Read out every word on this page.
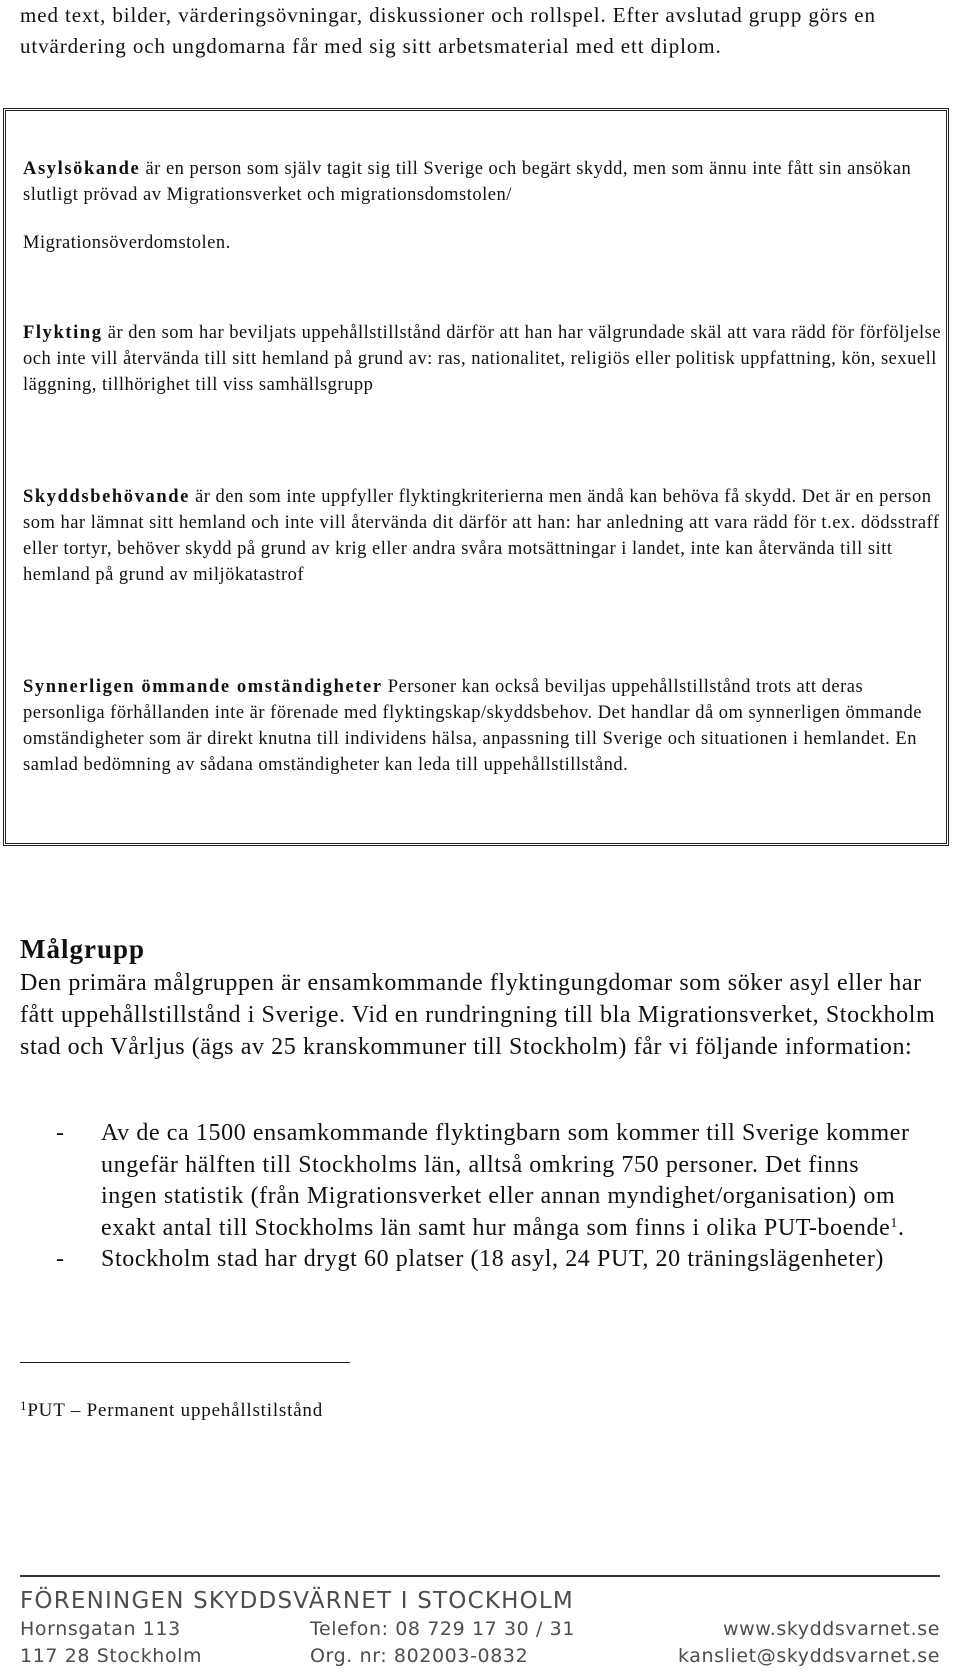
med text, bilder, värderingsövningar, diskussioner och rollspel. Efter avslutad grupp görs en utvärdering och ungdomarna får med sig sitt arbetsmaterial med ett diplom.
Asylsökande är en person som själv tagit sig till Sverige och begärt skydd, men som ännu inte fått sin ansökan slutligt prövad av Migrationsverket och migrationsdomstolen/
Migrationsöverdomstolen.
Flykting är den som har beviljats uppehållstillstånd därför att han har välgrundade skäl att vara rädd för förföljelse och inte vill återvända till sitt hemland på grund av: ras, nationalitet, religiös eller politisk uppfattning, kön, sexuell läggning, tillhörighet till viss samhällsgrupp
Skyddsbehövande är den som inte uppfyller flyktingkriterierna men ändå kan behöva få skydd. Det är en person som har lämnat sitt hemland och inte vill återvända dit därför att han: har anledning att vara rädd för t.ex. dödsstraff eller tortyr, behöver skydd på grund av krig eller andra svåra motsättningar i landet, inte kan återvända till sitt hemland på grund av miljökatastrof
Synnerligen ömmande omständigheter Personer kan också beviljas uppehållstillstånd trots att deras personliga förhållanden inte är förenade med flyktingskap/skyddsbehov. Det handlar då om synnerligen ömmande omständigheter som är direkt knutna till individens hälsa, anpassning till Sverige och situationen i hemlandet. En samlad bedömning av sådana omständigheter kan leda till uppehållstillstånd.
Målgrupp
Den primära målgruppen är ensamkommande flyktingungdomar som söker asyl eller har fått uppehållstillstånd i Sverige. Vid en rundringning till bla Migrationsverket, Stockholm stad och Vårljus (ägs av 25 kranskommuner till Stockholm) får vi följande information:
- Av de ca 1500 ensamkommande flyktingbarn som kommer till Sverige kommer ungefär hälften till Stockholms län, alltså omkring 750 personer. Det finns ingen statistik (från Migrationsverket eller annan myndighet/organisation) om exakt antal till Stockholms län samt hur många som finns i olika PUT-boende$^1$.
- Stockholm stad har drygt 60 platser (18 asyl, 24 PUT, 20 träningslägenheter)
$^1$PUT – Permanent uppehållstilstånd
FÖRENINGEN SKYDDSVÄRNET I STOCKHOLM
Hornsgatan 113
117 28 Stockholm
Telefon: 08 729 17 30 / 31
Org. nr: 802003-0832
www.skyddsvarnet.se
kansliet@skyddsvarnet.se
